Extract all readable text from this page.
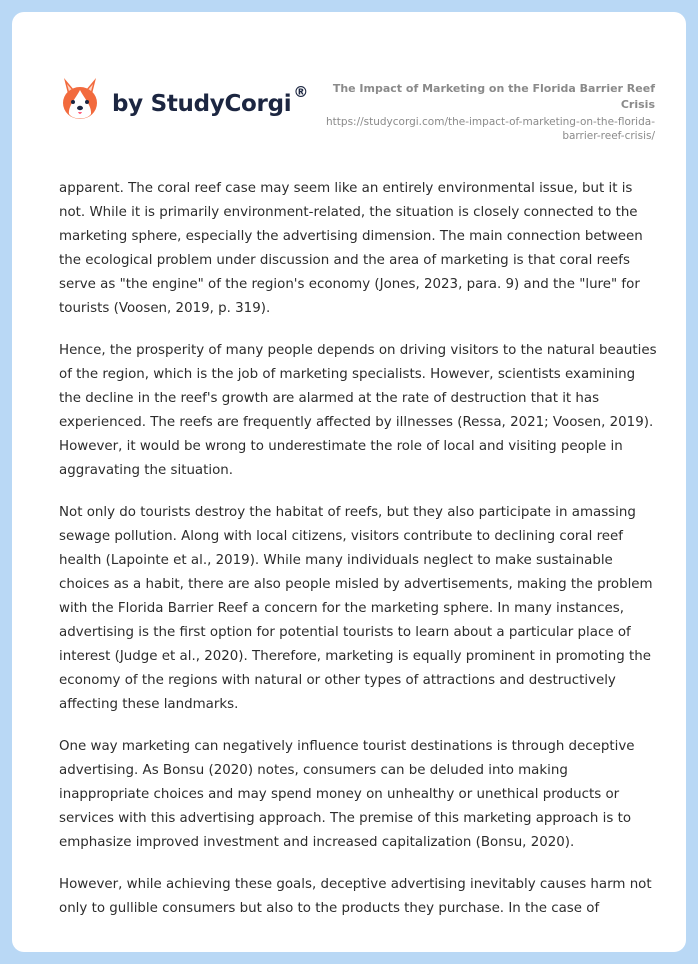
by StudyCorgi ®	The Impact of Marketing on the Florida Barrier Reef Crisis
https://studycorgi.com/the-impact-of-marketing-on-the-florida-barrier-reef-crisis/

apparent. The coral reef case may seem like an entirely environmental issue, but it is not. While it is primarily environment-related, the situation is closely connected to the marketing sphere, especially the advertising dimension. The main connection between the ecological problem under discussion and the area of marketing is that coral reefs serve as "the engine" of the region's economy (Jones, 2023, para. 9) and the "lure" for tourists (Voosen, 2019, p. 319).

Hence, the prosperity of many people depends on driving visitors to the natural beauties of the region, which is the job of marketing specialists. However, scientists examining the decline in the reef's growth are alarmed at the rate of destruction that it has experienced. The reefs are frequently affected by illnesses (Ressa, 2021; Voosen, 2019). However, it would be wrong to underestimate the role of local and visiting people in aggravating the situation.

Not only do tourists destroy the habitat of reefs, but they also participate in amassing sewage pollution. Along with local citizens, visitors contribute to declining coral reef health (Lapointe et al., 2019). While many individuals neglect to make sustainable choices as a habit, there are also people misled by advertisements, making the problem with the Florida Barrier Reef a concern for the marketing sphere. In many instances, advertising is the first option for potential tourists to learn about a particular place of interest (Judge et al., 2020). Therefore, marketing is equally prominent in promoting the economy of the regions with natural or other types of attractions and destructively affecting these landmarks.

One way marketing can negatively influence tourist destinations is through deceptive advertising. As Bonsu (2020) notes, consumers can be deluded into making inappropriate choices and may spend money on unhealthy or unethical products or services with this advertising approach. The premise of this marketing approach is to emphasize improved investment and increased capitalization (Bonsu, 2020).

However, while achieving these goals, deceptive advertising inevitably causes harm not only to gullible consumers but also to the products they purchase. In the case of
